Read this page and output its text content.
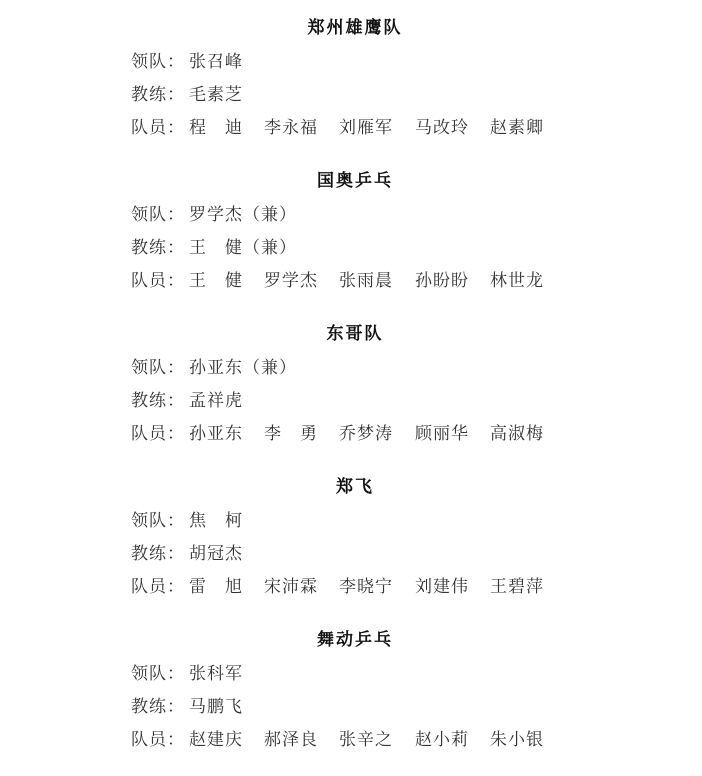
郑州雄鹰队
领队： 张召峰
教练： 毛素芝
队员： 程　迪 李永福 刘雁军 马改玲 赵素卿
国奥乒乓
领队： 罗学杰（兼）
教练： 王　健（兼）
队员： 王　健 罗学杰 张雨晨 孙盼盼 林世龙
东哥队
领队： 孙亚东（兼）
教练： 孟祥虎
队员： 孙亚东 李　勇 乔梦涛 顾丽华 高淑梅
郑飞
领队： 焦　柯
教练： 胡冠杰
队员： 雷　旭 宋沛霖 李晓宁 刘建伟 王碧萍
舞动乒乓
领队： 张科军
教练： 马鹏飞
队员： 赵建庆 郝泽良 张辛之 赵小莉 朱小银
